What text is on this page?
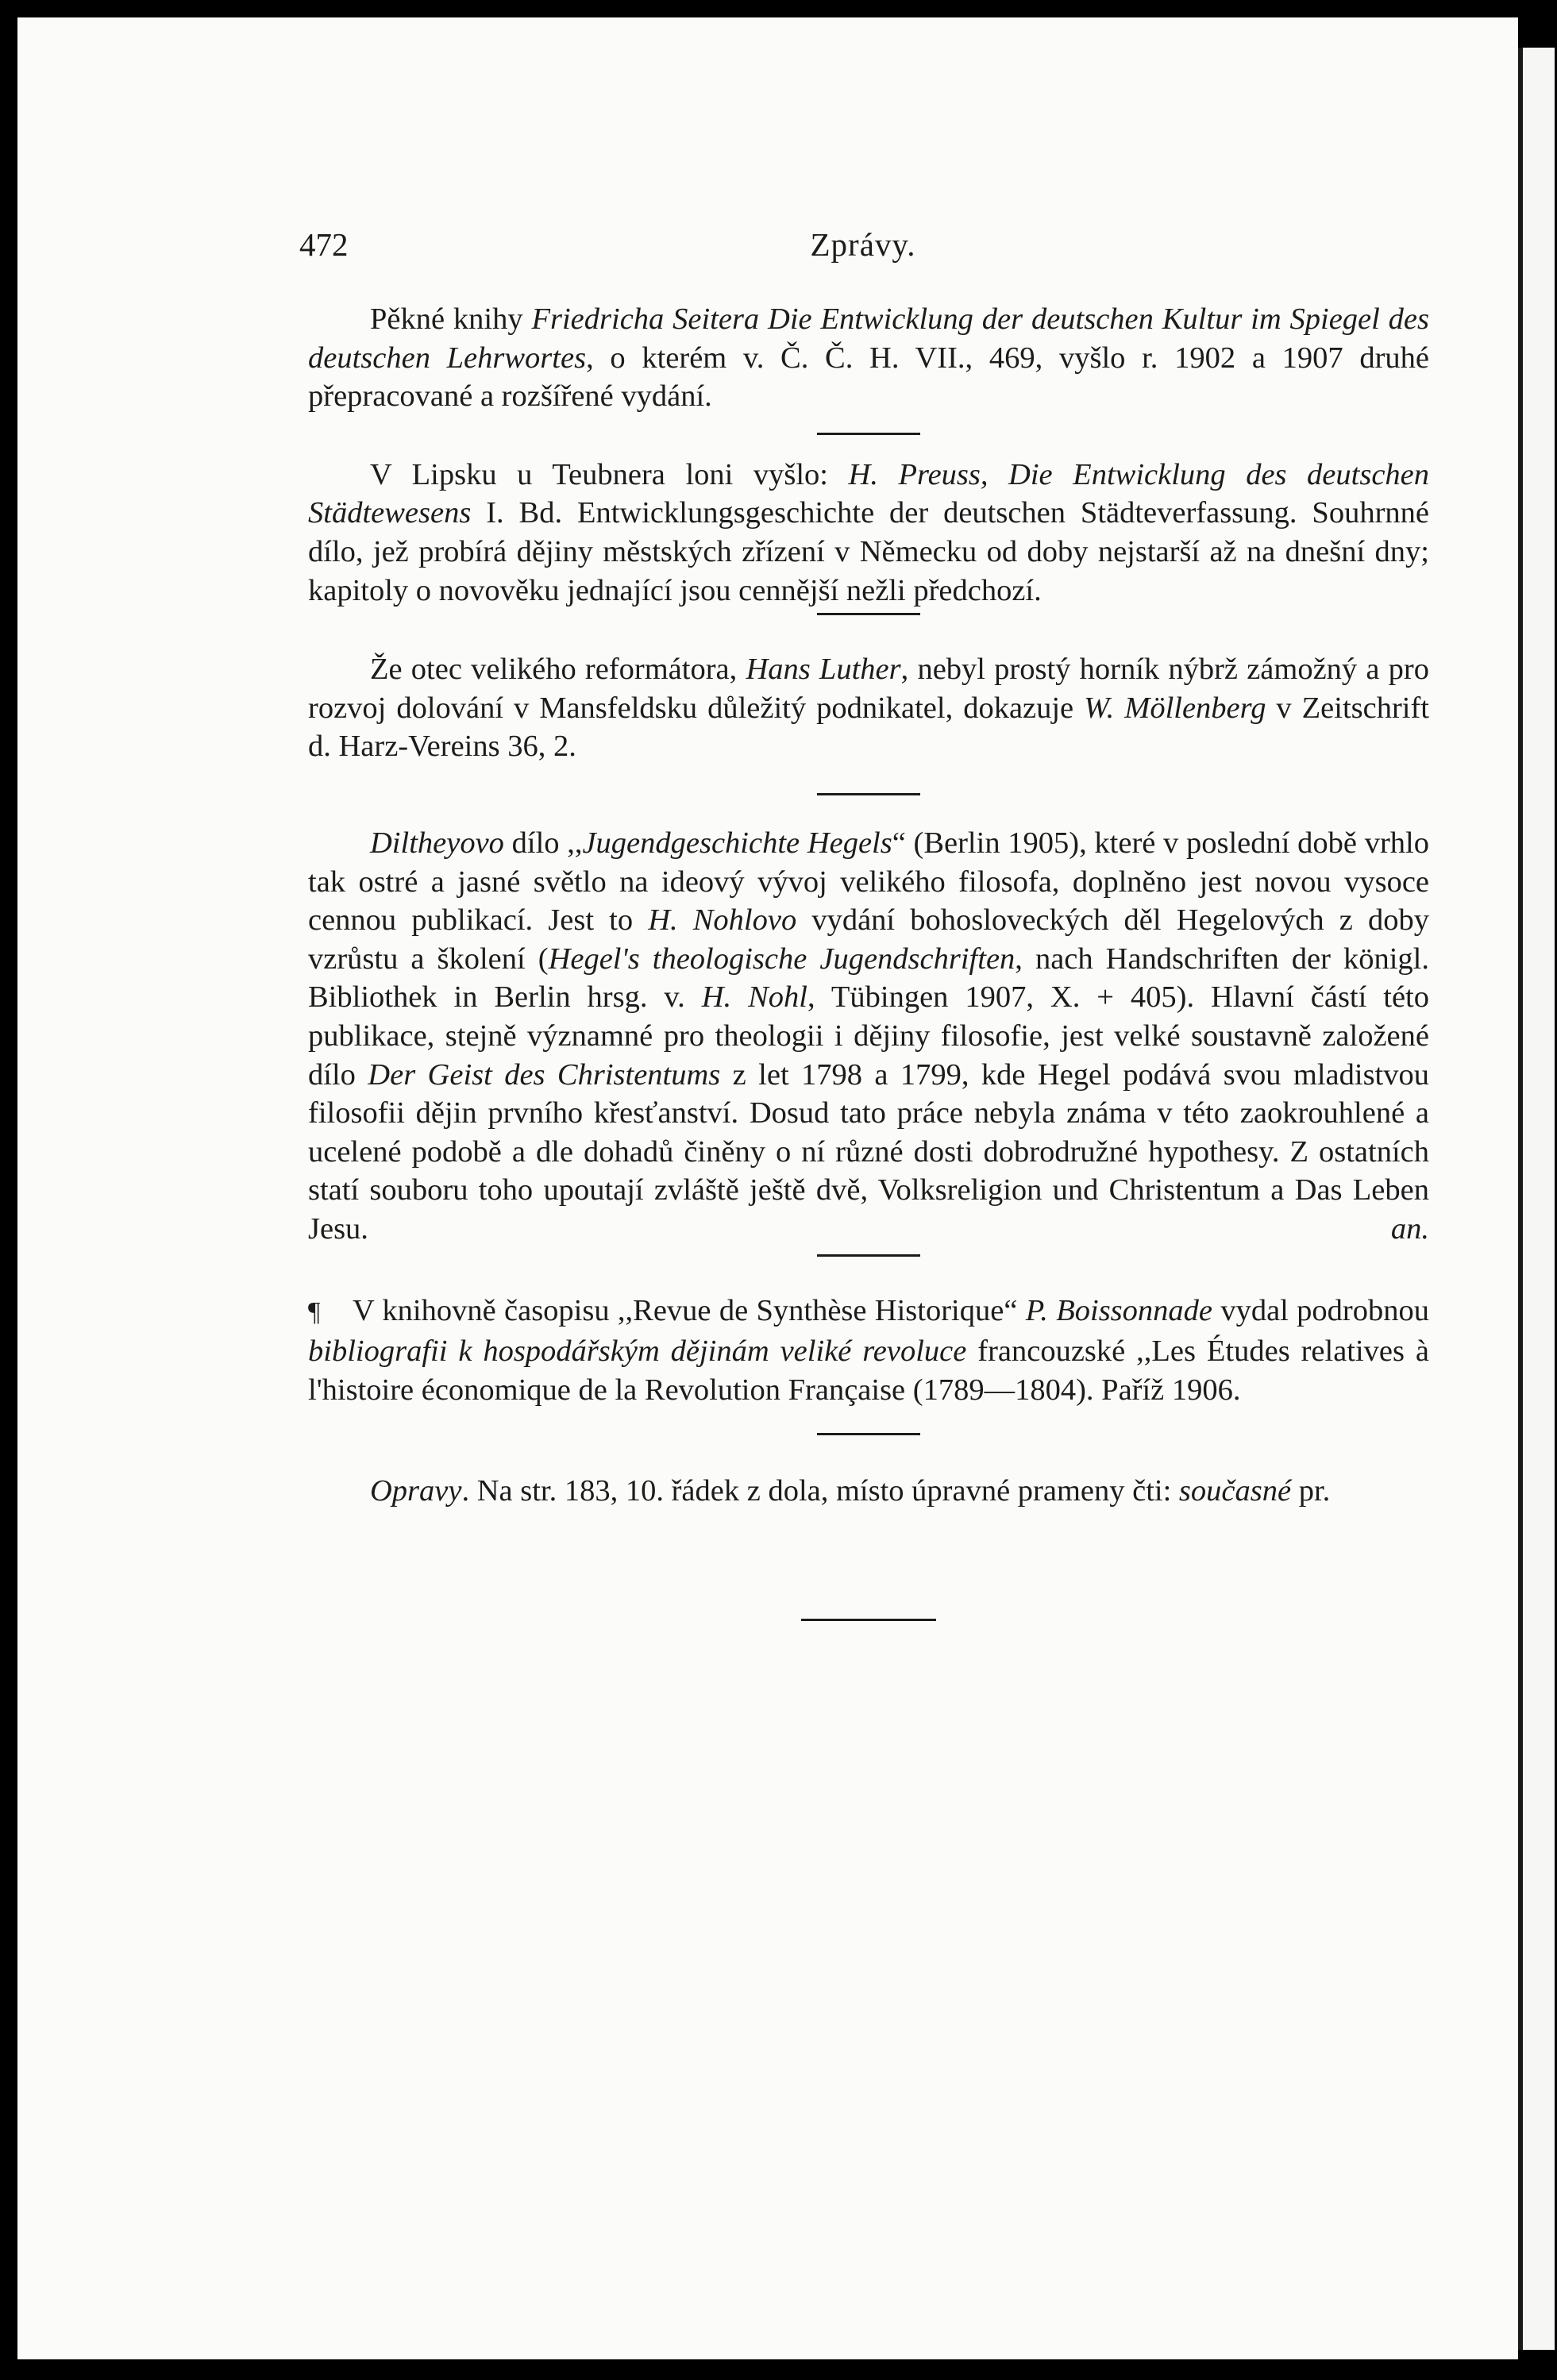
472	Zprávy.

Pěkné knihy Friedricha Seitera Die Entwicklung der deutschen Kultur im Spiegel des deutschen Lehrwortes, o kterém v. Č. Č. H. VII., 469, vyšlo r. 1902 a 1907 druhé přepracované a rozšířené vydání.

V Lipsku u Teubnera loni vyšlo: H. Preuss, Die Entwicklung des deutschen Städtewesens I. Bd. Entwicklungsgeschichte der deutschen Städteverfassung. Souhrnné dílo, jež probírá dějiny městských zřízení v Německu od doby nejstarší až na dnešní dny; kapitoly o novověku jednající jsou cennější nežli předchozí.

Že otec velikého reformátora, Hans Luther, nebyl prostý horník nýbrž zámožný a pro rozvoj dolování v Mansfeldsku důležitý podnikatel, dokazuje W. Möllenberg v Zeitschrift d. Harz-Vereins 36, 2.

Diltheyovo dílo ,,Jugendgeschichte Hegels“ (Berlin 1905), které v poslední době vrhlo tak ostré a jasné světlo na ideový vývoj velikého filosofa, doplněno jest novou vysoce cennou publikací. Jest to H. Nohlovo vydání bohosloveckých děl Hegelových z doby vzrůstu a školení (Hegel's theologische Jugendschriften, nach Handschriften der königl. Bibliothek in Berlin hrsg. v. H. Nohl, Tübingen 1907, X. + 405). Hlavní částí této publikace, stejně významné pro theologii i dějiny filosofie, jest velké soustavně založené dílo Der Geist des Christentums z let 1798 a 1799, kde Hegel podává svou mladistvou filosofii dějin prvního křesťanství. Dosud tato práce nebyla známa v této zaokrouhlené a ucelené podobě a dle dohadů činěny o ní různé dosti dobrodružné hypothesy. Z ostatních statí souboru toho upoutají zvláště ještě dvě, Volksreligion und Christentum a Das Leben Jesu.	an.

¶ V knihovně časopisu ,,Revue de Synthèse Historique“ P. Boissonnade vydal podrobnou bibliografii k hospodářským dějinám veliké revoluce francouzské ,,Les Études relatives à l'histoire économique de la Revolution Française (1789—1804). Paříž 1906.

Opravy. Na str. 183, 10. řádek z dola, místo úpravné prameny čti: současné pr.
